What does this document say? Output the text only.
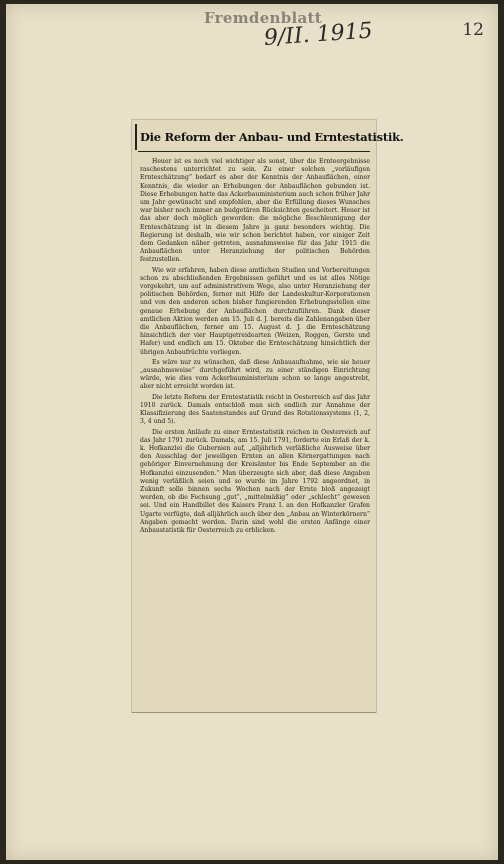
Fremdenblatt
9/II. 1915	12
Die Reform der Anbau- und Erntestatistik.

Heuer ist es noch viel wichtiger als sonst, über die Ernteergebnisse raschestens unterrichtet zu sein. Zu einer solchen „vorläufigen Ernteschätzung“ bedarf es aber der Kenntnis der Anbauflächen, einer Kenntnis, die wieder an Erhebungen der Anbauflächen gebunden ist. Diese Erhebungen hatte das Ackerbauministerium auch schon früher Jahr um Jahr gewünscht und empfohlen, aber die Erfüllung dieses Wunsches war bisher noch immer an budgetären Rücksichten gescheitert. Heuer ist das aber doch möglich geworden: die mögliche Beschleunigung der Ernteschätzung ist in diesem Jahre ja ganz besonders wichtig. Die Regierung ist deshalb, wie wir schon berichtet haben, vor einiger Zeit dem Gedanken näher getreten, ausnahmsweise für das Jahr 1915 die Anbauflächen unter Heranziehung der politischen Behörden festzustellen.

Wie wir erfahren, haben diese amtlichen Studien und Vorbereitungen schon zu abschließenden Ergebnissen geführt und es ist alles Nötige vorgekehrt, um auf administrativem Wege, also unter Heranziehung der politischen Behörden, ferner mit Hilfe der Landeskultur-Korporationen und von den anderen schon bisher fungierenden Erhebungsstellen eine genaue Erhebung der Anbauflächen durchzuführen. Dank dieser amtlichen Aktion werden am 15. Juli d. J. bereits die Zahlenangaben über die Anbauflächen, ferner am 15. August d. J. die Ernteschätzung hinsichtlich der vier Hauptgetreidearten (Weizen, Roggen, Gerste und Hafer) und endlich am 15. Oktober die Ernteschätzung hinsichtlich der übrigen Anbaufrüchte vorliegen.

Es wäre nur zu wünschen, daß diese Anbauaufnahme, wie sie heuer „ausnahmsweise“ durchgeführt wird, zu einer ständigen Einrichtung würde, wie dies vom Ackerbauministerium schon so lange angestrebt, aber nicht erreicht worden ist.

Die letzte Reform der Erntestatistik reicht in Oesterreich auf das Jahr 1910 zurück. Damals entschloß man sich endlich zur Annahme der Klassifizierung des Saatenstandes auf Grund des Rotationssystems (1, 2, 3, 4 und 5).

Die ersten Anläufe zu einer Erntestatistik reichen in Oesterreich auf das Jahr 1791 zurück. Damals, am 15. Juli 1791, forderte ein Erlaß der k. k. Hofkanzlei die Gubernien auf, „alljährlich verläßliche Ausweise über den Ausschlag der jeweiligen Ernten an allen Körnergattungen nach gehöriger Einvernehmung der Kreisämter bis Ende September an die Hofkanzlei einzusenden.“ Man überzeugte sich aber, daß diese Angaben wenig verläßlich seien und so wurde im Jahre 1792 angeordnet, in Zukunft solle binnen sechs Wochen nach der Ernte bloß angezeigt werden, ob die Fechsung „gut“, „mittelmäßig“ oder „schlecht“ gewesen sei. Und ein Handbillet des Kaisers Franz I. an den Hofkanzler Grafen Ugarte verfügte, daß alljährlich auch über den „Anbau an Winterkörnern“ Angaben gemacht werden. Darin sind wohl die ersten Anfänge einer Anbaustatistik für Oesterreich zu erblicken.
